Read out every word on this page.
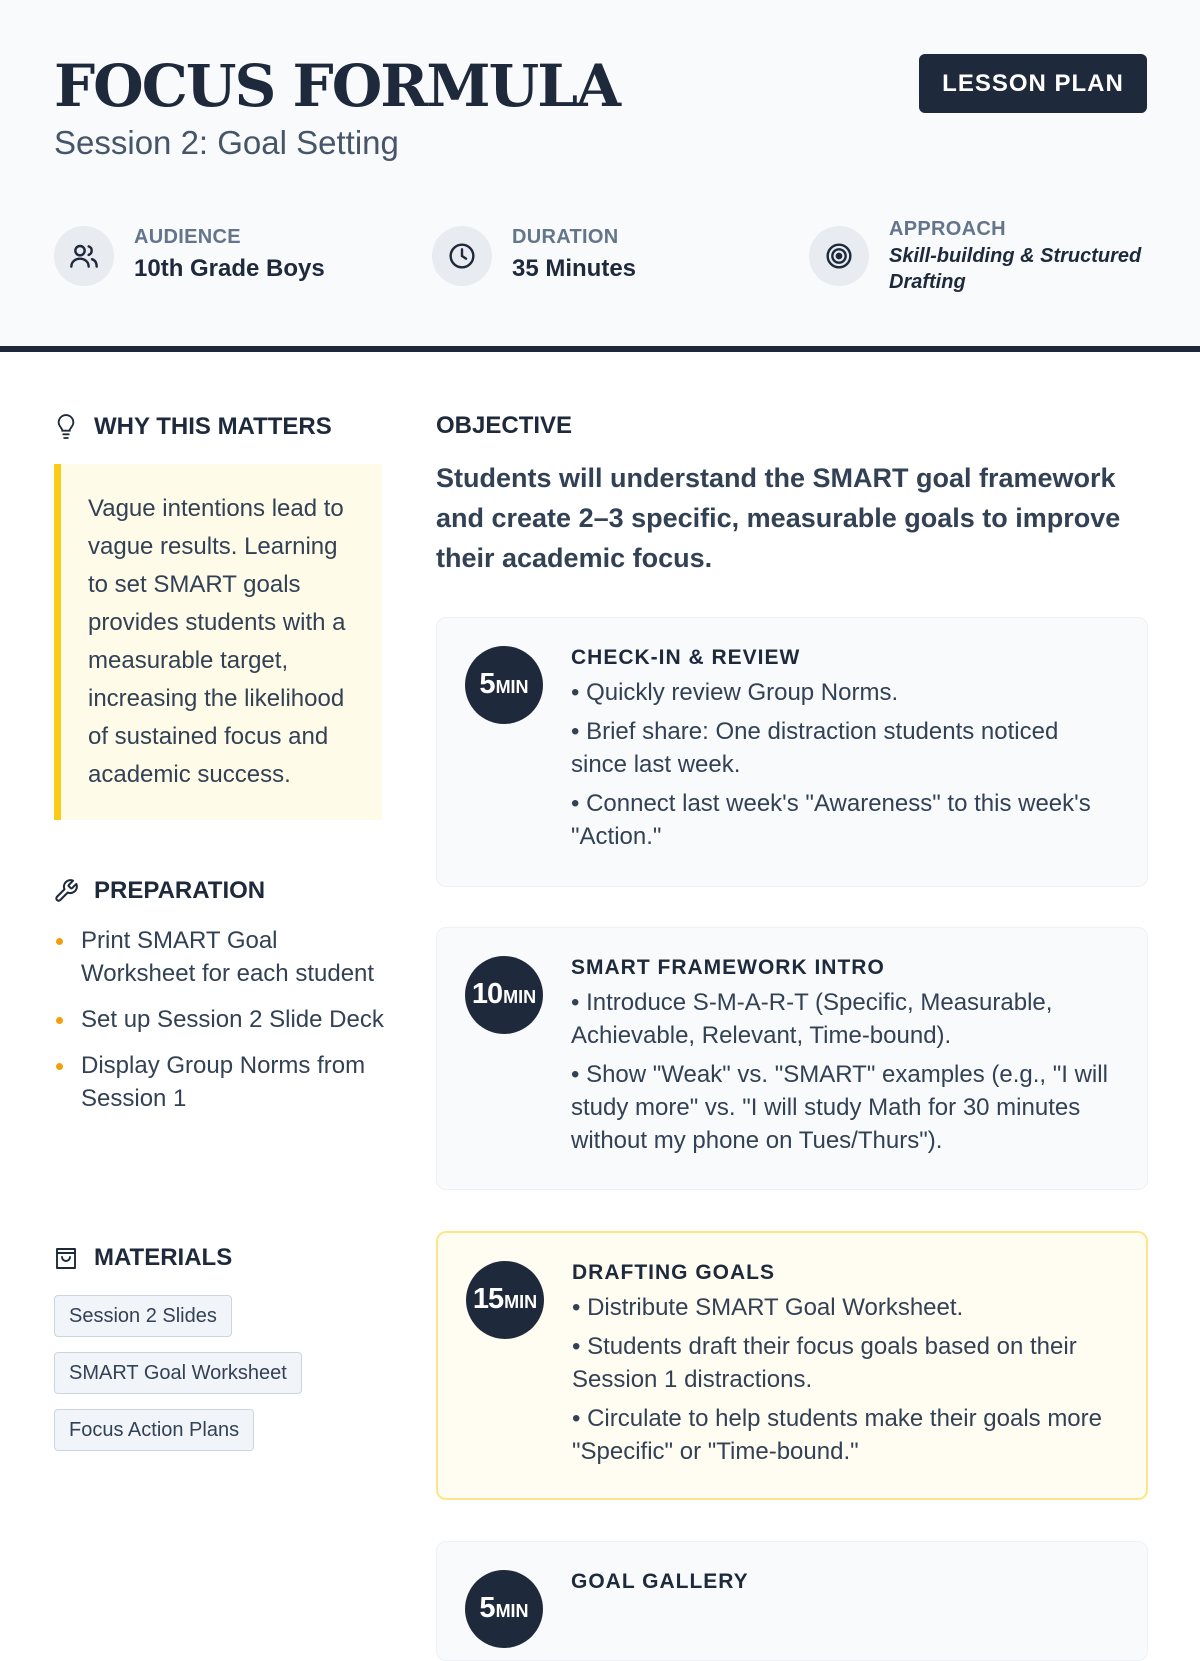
FOCUS FORMULA
Session 2: Goal Setting
LESSON PLAN
AUDIENCE
10th Grade Boys
DURATION
35 Minutes
APPROACH
Skill-building & Structured Drafting
WHY THIS MATTERS
Vague intentions lead to vague results. Learning to set SMART goals provides students with a measurable target, increasing the likelihood of sustained focus and academic success.
PREPARATION
Print SMART Goal Worksheet for each student
Set up Session 2 Slide Deck
Display Group Norms from Session 1
MATERIALS
Session 2 Slides
SMART Goal Worksheet
Focus Action Plans
OBJECTIVE
Students will understand the SMART goal framework and create 2–3 specific, measurable goals to improve their academic focus.
5 MIN
CHECK-IN & REVIEW
• Quickly review Group Norms.
• Brief share: One distraction students noticed since last week.
• Connect last week's "Awareness" to this week's "Action."
10 MIN
SMART FRAMEWORK INTRO
• Introduce S-M-A-R-T (Specific, Measurable, Achievable, Relevant, Time-bound).
• Show "Weak" vs. "SMART" examples (e.g., "I will study more" vs. "I will study Math for 30 minutes without my phone on Tues/Thurs").
15 MIN
DRAFTING GOALS
• Distribute SMART Goal Worksheet.
• Students draft their focus goals based on their Session 1 distractions.
• Circulate to help students make their goals more "Specific" or "Time-bound."
5 MIN
GOAL GALLERY
